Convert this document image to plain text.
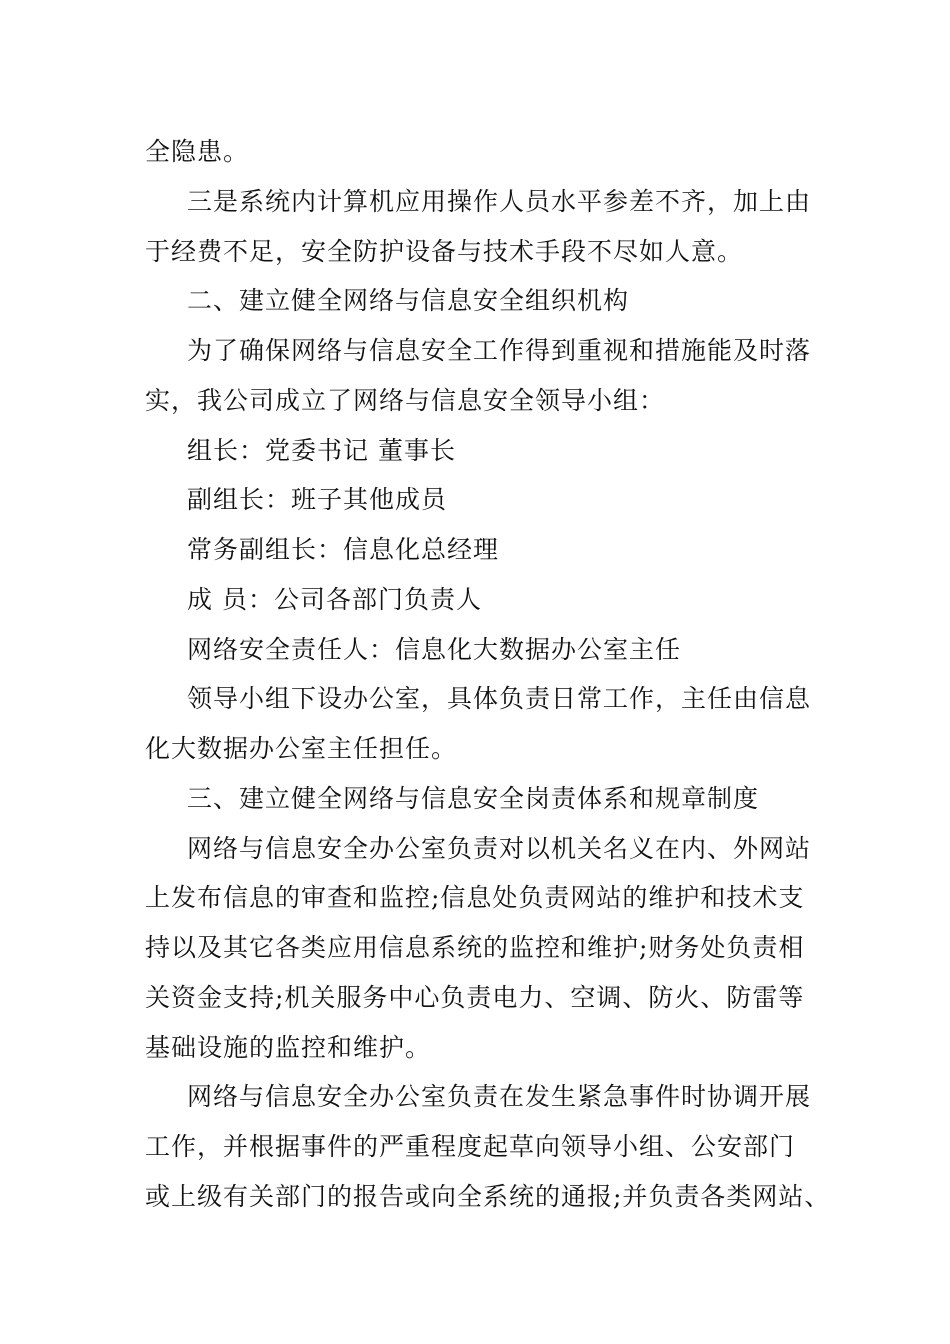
全隐患。
三是系统内计算机应用操作人员水平参差不齐，加上由
于经费不足，安全防护设备与技术手段不尽如人意。
二、建立健全网络与信息安全组织机构
为了确保网络与信息安全工作得到重视和措施能及时落
实，我公司成立了网络与信息安全领导小组：
组长：党委书记 董事长
副组长：班子其他成员
常务副组长：信息化总经理
成 员：公司各部门负责人
网络安全责任人：信息化大数据办公室主任
领导小组下设办公室，具体负责日常工作，主任由信息
化大数据办公室主任担任。
三、建立健全网络与信息安全岗责体系和规章制度
网络与信息安全办公室负责对以机关名义在内、外网站
上发布信息的审查和监控;信息处负责网站的维护和技术支
持以及其它各类应用信息系统的监控和维护;财务处负责相
关资金支持;机关服务中心负责电力、空调、防火、防雷等
基础设施的监控和维护。
网络与信息安全办公室负责在发生紧急事件时协调开展
工作，并根据事件的严重程度起草向领导小组、公安部门
或上级有关部门的报告或向全系统的通报;并负责各类网站、
